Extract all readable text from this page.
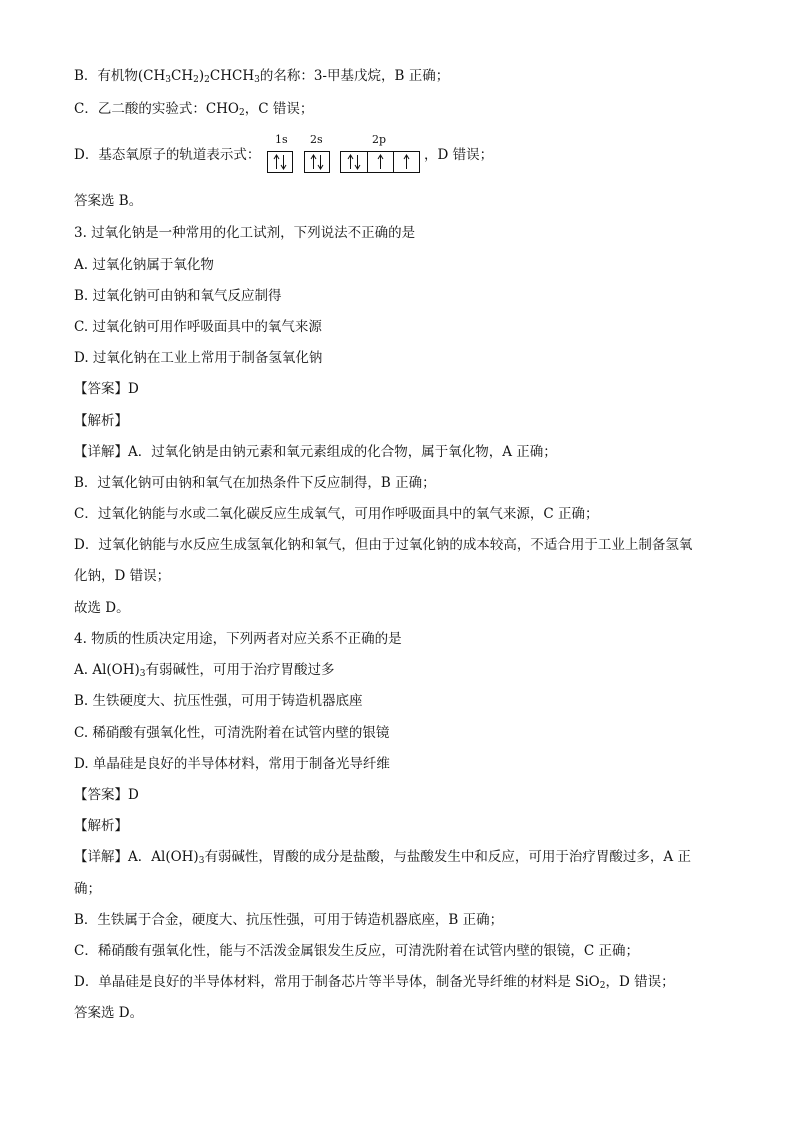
B．有机物$(CH_3CH_2)_2CHCH_3$的名称：3-甲基戊烷，B 正确；
C．乙二酸的实验式：$CHO_2$，C 错误；
D．基态氧原子的轨道表示式：
1s 2s	2p
，D 错误；
答案选 B。
3. 过氧化钠是一种常用的化工试剂，下列说法不正确的是
A. 过氧化钠属于氧化物
B. 过氧化钠可由钠和氧气反应制得
C. 过氧化钠可用作呼吸面具中的氧气来源
D. 过氧化钠在工业上常用于制备氢氧化钠
【答案】D
【解析】
【详解】A．过氧化钠是由钠元素和氧元素组成的化合物，属于氧化物，A 正确；
B．过氧化钠可由钠和氧气在加热条件下反应制得，B 正确；
C．过氧化钠能与水或二氧化碳反应生成氧气，可用作呼吸面具中的氧气来源，C 正确；
D．过氧化钠能与水反应生成氢氧化钠和氧气，但由于过氧化钠的成本较高，不适合用于工业上制备氢氧
化钠，D 错误；
故选 D。
4. 物质的性质决定用途，下列两者对应关系不正确的是
A. $Al(OH)_3$有弱碱性，可用于治疗胃酸过多
B. 生铁硬度大、抗压性强，可用于铸造机器底座
C. 稀硝酸有强氧化性，可清洗附着在试管内壁的银镜
D. 单晶硅是良好的半导体材料，常用于制备光导纤维
【答案】D
【解析】
【详解】A．$Al(OH)_3$有弱碱性，胃酸的成分是盐酸，与盐酸发生中和反应，可用于治疗胃酸过多，A 正
确；
B．生铁属于合金，硬度大、抗压性强，可用于铸造机器底座，B 正确；
C．稀硝酸有强氧化性，能与不活泼金属银发生反应，可清洗附着在试管内壁的银镜，C 正确；
D．单晶硅是良好的半导体材料，常用于制备芯片等半导体，制备光导纤维的材料是 SiO$_2$，D 错误；
答案选 D。
